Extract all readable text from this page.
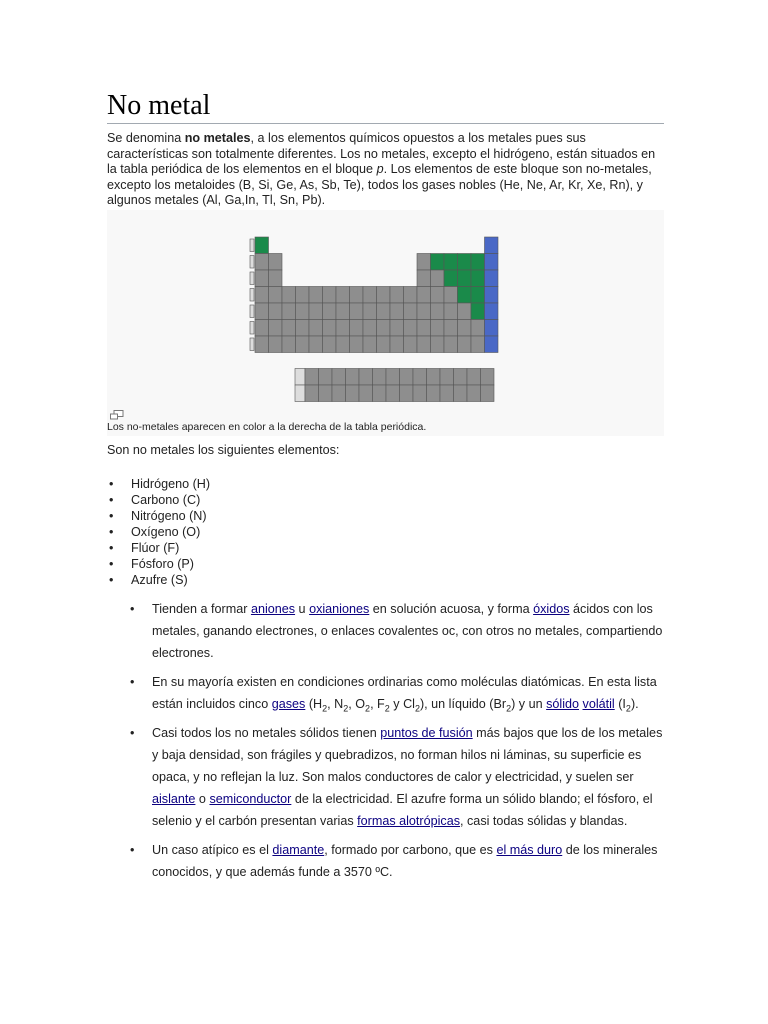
No metal

Se denomina no metales, a los elementos químicos opuestos a los metales pues sus características son totalmente diferentes. Los no metales, excepto el hidrógeno, están situados en la tabla periódica de los elementos en el bloque p. Los elementos de este bloque son no-metales, excepto los metaloides (B, Si, Ge, As, Sb, Te), todos los gases nobles (He, Ne, Ar, Kr, Xe, Rn), y algunos metales (Al, Ga,In, Tl, Sn, Pb).

Los no-metales aparecen en color a la derecha de la tabla periódica.

Son no metales los siguientes elementos:

• Hidrógeno (H)
• Carbono (C)
• Nitrógeno (N)
• Oxígeno (O)
• Flúor (F)
• Fósforo (P)
• Azufre (S)
• Tienden a formar aniones u oxianiones en solución acuosa, y forma óxidos ácidos con los metales, ganando electrones, o enlaces covalentes oc, con otros no metales, compartiendo electrones.
• En su mayoría existen en condiciones ordinarias como moléculas diatómicas. En esta lista están incluidos cinco gases ($H_2$, $N_2$, $O_2$, $F_2$ y $Cl_2$), un líquido $(Br_2)$ y un sólido volátil $(I_2)$.
• Casi todos los no metales sólidos tienen puntos de fusión más bajos que los de los metales y baja densidad, son frágiles y quebradizos, no forman hilos ni láminas, su superficie es opaca, y no reflejan la luz. Son malos conductores de calor y electricidad, y suelen ser aislante o semiconductor de la electricidad. El azufre forma un sólido blando; el fósforo, el selenio y el carbón presentan varias formas alotrópicas, casi todas sólidas y blandas.
• Un caso atípico es el diamante, formado por carbono, que es el más duro de los minerales conocidos, y que además funde a 3570 ºC.
